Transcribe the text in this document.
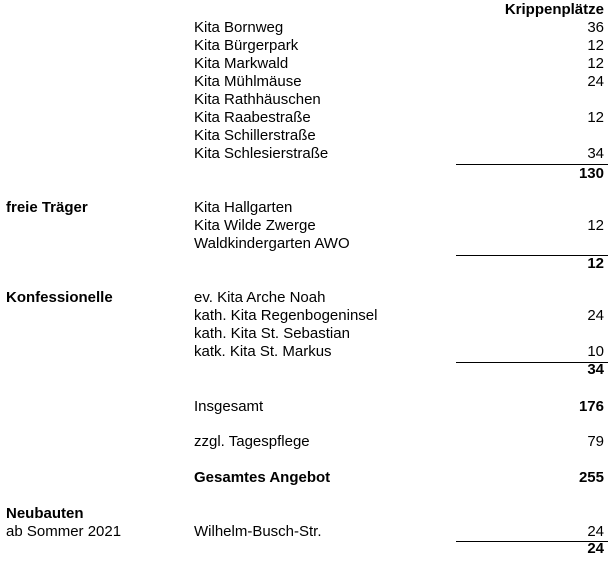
Krippenplätze
Kita Bornweg	36
Kita Bürgerpark	12
Kita Markwald	12
Kita Mühlmäuse	24
Kita Rathhäuschen
Kita Raabestraße	12
Kita Schillerstraße
Kita Schlesierstraße	34
130
freie Träger	Kita Hallgarten
Kita Wilde Zwerge	12
Waldkindergarten AWO
12
Konfessionelle	ev. Kita Arche Noah
kath. Kita Regenbogeninsel	24
kath. Kita St. Sebastian
katk. Kita St. Markus	10
34
Insgesamt	176
zzgl. Tagespflege	79
Gesamtes Angebot	255
Neubauten
ab Sommer 2021	Wilhelm-Busch-Str.	24
24
